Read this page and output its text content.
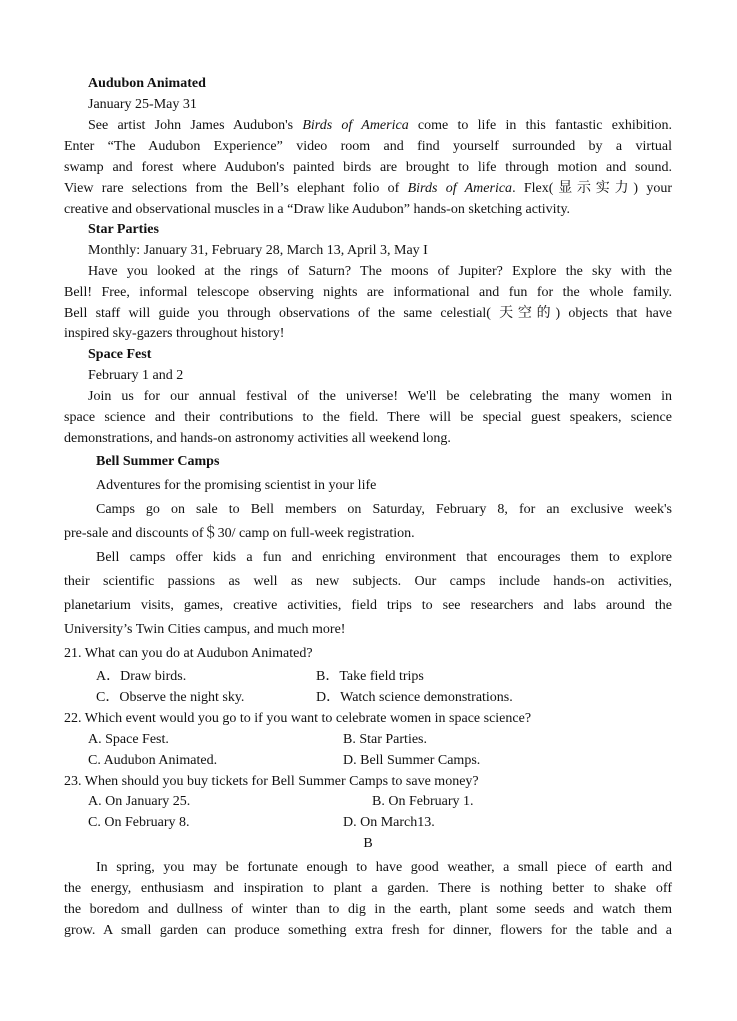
Audubon Animated
January 25-May 31
See artist John James Audubon's Birds of America come to life in this fantastic exhibition.
Enter “The Audubon Experience” video room and find yourself surrounded by a virtual
swamp and forest where Audubon's painted birds are brought to life through motion and sound.
View rare selections from the Bell’s elephant folio of Birds of America. Flex(显示实力) your
creative and observational muscles in a “Draw like Audubon” hands-on sketching activity.
Star Parties
Monthly: January 31, February 28, March 13, April 3, May I
Have you looked at the rings of Saturn? The moons of Jupiter? Explore the sky with the
Bell! Free, informal telescope observing nights are informational and fun for the whole family.
Bell staff will guide you through observations of the same celestial( 天空的) objects that have
inspired sky-gazers throughout history!
Space Fest
February 1 and 2
Join us for our annual festival of the universe! We'll be celebrating the many women in
space science and their contributions to the field. There will be special guest speakers, science
demonstrations, and hands-on astronomy activities all weekend long.
Bell Summer Camps
Adventures for the promising scientist in your life
Camps go on sale to Bell members on Saturday, February 8, for an exclusive week's
pre-sale and discounts of＄30/ camp on full-week registration.
Bell camps offer kids a fun and enriching environment that encourages them to explore
their scientific passions as well as new subjects. Our camps include hands-on activities,
planetarium visits, games, creative activities, field trips to see researchers and labs around the
University’s Twin Cities campus, and much more!
21. What can you do at Audubon Animated?
A．Draw birds.	B．Take field trips
C．Observe the night sky.	D．Watch science demonstrations.
22. Which event would you go to if you want to celebrate women in space science?
A. Space Fest.	B. Star Parties.
C. Audubon Animated.	D. Bell Summer Camps.
23. When should you buy tickets for Bell Summer Camps to save money?
A. On January 25.	B. On February 1.
C. On February 8.	D. On March13.
B
In spring, you may be fortunate enough to have good weather, a small piece of earth and
the energy, enthusiasm and inspiration to plant a garden. There is nothing better to shake off
the boredom and dullness of winter than to dig in the earth, plant some seeds and watch them
grow. A small garden can produce something extra fresh for dinner, flowers for the table and a
